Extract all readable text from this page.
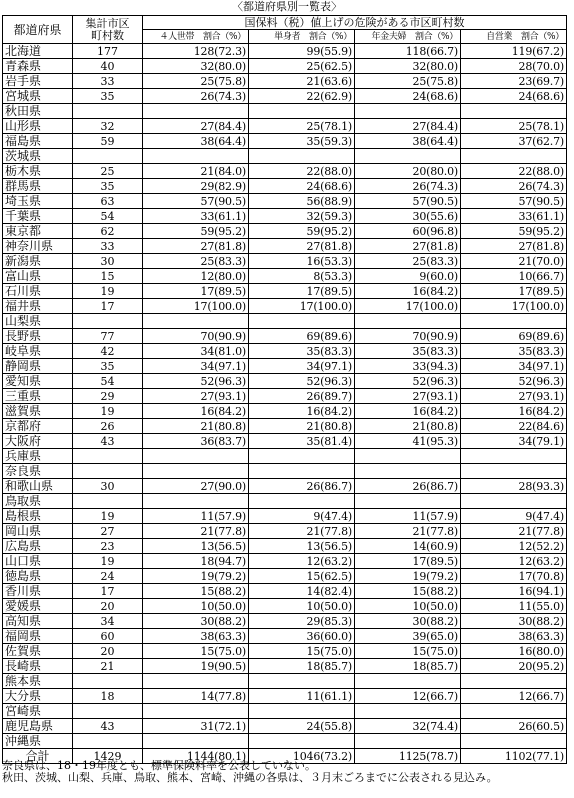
〈都道府県別一覧表〉
都道府県	集計市区
町村数	国保料（税）値上げの危険がある市区町村数			
		４人世帯　割合（%）	単身者　割合（%）	年金夫婦　割合（%）	自営業　割合（%）
北海道	177	128(72.3)	99(55.9)	118(66.7)	119(67.2)
青森県	40	32(80.0)	25(62.5)	32(80.0)	28(70.0)
岩手県	33	25(75.8)	21(63.6)	25(75.8)	23(69.7)
宮城県	35	26(74.3)	22(62.9)	24(68.6)	24(68.6)
秋田県					
山形県	32	27(84.4)	25(78.1)	27(84.4)	25(78.1)
福島県	59	38(64.4)	35(59.3)	38(64.4)	37(62.7)
茨城県					
栃木県	25	21(84.0)	22(88.0)	20(80.0)	22(88.0)
群馬県	35	29(82.9)	24(68.6)	26(74.3)	26(74.3)
埼玉県	63	57(90.5)	56(88.9)	57(90.5)	57(90.5)
千葉県	54	33(61.1)	32(59.3)	30(55.6)	33(61.1)
東京都	62	59(95.2)	59(95.2)	60(96.8)	59(95.2)
神奈川県	33	27(81.8)	27(81.8)	27(81.8)	27(81.8)
新潟県	30	25(83.3)	16(53.3)	25(83.3)	21(70.0)
富山県	15	12(80.0)	8(53.3)	9(60.0)	10(66.7)
石川県	19	17(89.5)	17(89.5)	16(84.2)	17(89.5)
福井県	17	17(100.0)	17(100.0)	17(100.0)	17(100.0)
山梨県					
長野県	77	70(90.9)	69(89.6)	70(90.9)	69(89.6)
岐阜県	42	34(81.0)	35(83.3)	35(83.3)	35(83.3)
静岡県	35	34(97.1)	34(97.1)	33(94.3)	34(97.1)
愛知県	54	52(96.3)	52(96.3)	52(96.3)	52(96.3)
三重県	29	27(93.1)	26(89.7)	27(93.1)	27(93.1)
滋賀県	19	16(84.2)	16(84.2)	16(84.2)	16(84.2)
京都府	26	21(80.8)	21(80.8)	21(80.8)	22(84.6)
大阪府	43	36(83.7)	35(81.4)	41(95.3)	34(79.1)
兵庫県					
奈良県					
和歌山県	30	27(90.0)	26(86.7)	26(86.7)	28(93.3)
鳥取県					
島根県	19	11(57.9)	9(47.4)	11(57.9)	9(47.4)
岡山県	27	21(77.8)	21(77.8)	21(77.8)	21(77.8)
広島県	23	13(56.5)	13(56.5)	14(60.9)	12(52.2)
山口県	19	18(94.7)	12(63.2)	17(89.5)	12(63.2)
徳島県	24	19(79.2)	15(62.5)	19(79.2)	17(70.8)
香川県	17	15(88.2)	14(82.4)	15(88.2)	16(94.1)
愛媛県	20	10(50.0)	10(50.0)	10(50.0)	11(55.0)
高知県	34	30(88.2)	29(85.3)	30(88.2)	30(88.2)
福岡県	60	38(63.3)	36(60.0)	39(65.0)	38(63.3)
佐賀県	20	15(75.0)	15(75.0)	15(75.0)	16(80.0)
長崎県	21	19(90.5)	18(85.7)	18(85.7)	20(95.2)
熊本県					
大分県	18	14(77.8)	11(61.1)	12(66.7)	12(66.7)
宮崎県					
鹿児島県	43	31(72.1)	24(55.8)	32(74.4)	26(60.5)
沖縄県					
合計	1429	1144(80.1)	1046(73.2)	1125(78.7)	1102(77.1)
奈良県は、18・19年度とも、標準保険料率を公表していない。
秋田、茨城、山梨、兵庫、鳥取、熊本、宮崎、沖縄の各県は、３月末ごろまでに公表される見込み。
